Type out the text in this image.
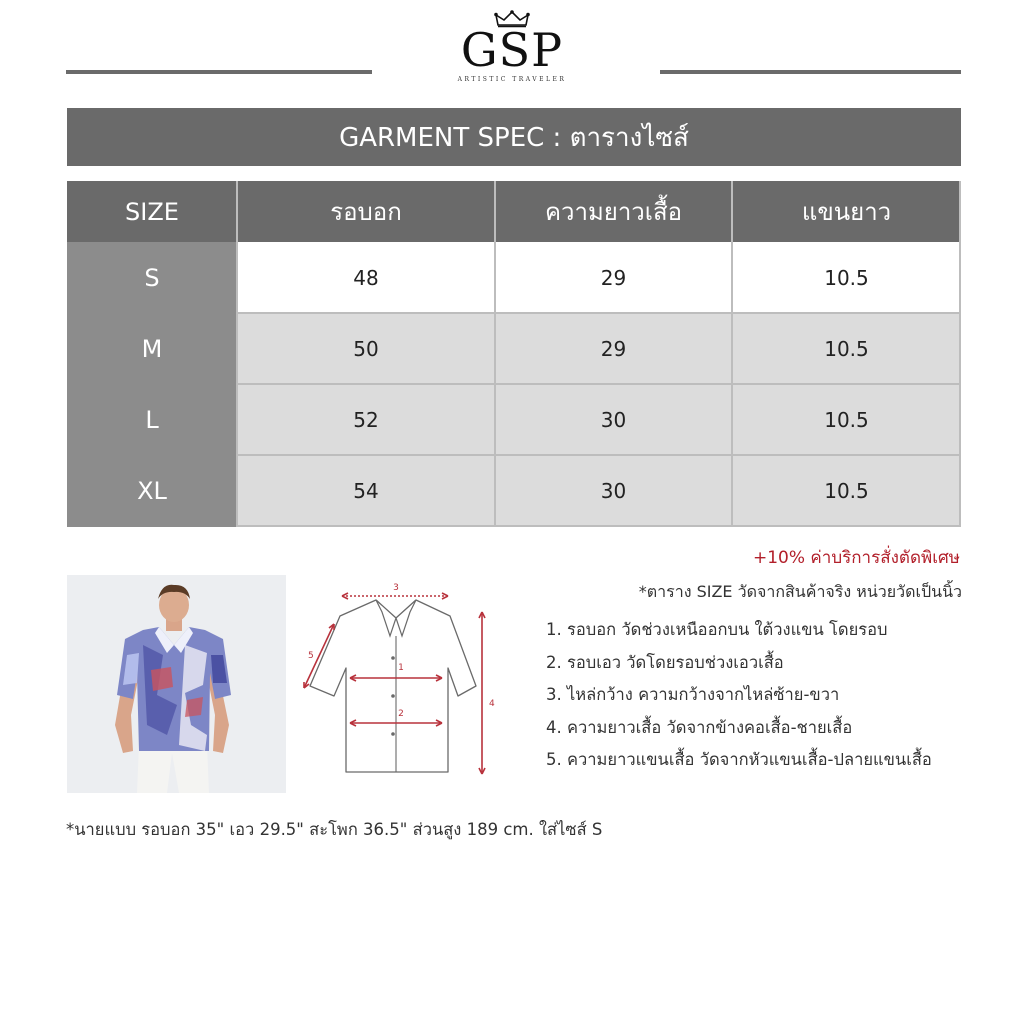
GSP
ARTISTIC TRAVELER
GARMENT SPEC : ตารางไซส์
SIZE	รอบอก	ความยาวเสื้อ	แขนยาว
S	48	29	10.5
M	50	29	10.5
L	52	30	10.5
XL	54	30	10.5
+10% ค่าบริการสั่งตัดพิเศษ
*ตาราง SIZE วัดจากสินค้าจริง หน่วยวัดเป็นนิ้ว
1. รอบอก วัดช่วงเหนืออกบน ใต้วงแขน โดยรอบ
2. รอบเอว วัดโดยรอบช่วงเอวเสื้อ
3. ไหล่กว้าง ความกว้างจากไหล่ซ้าย-ขวา
4. ความยาวเสื้อ วัดจากข้างคอเสื้อ-ชายเสื้อ
5. ความยาวแขนเสื้อ วัดจากหัวแขนเสื้อ-ปลายแขนเสื้อ
3
1
2
4
5
*นายแบบ รอบอก 35" เอว 29.5" สะโพก 36.5" ส่วนสูง 189 cm. ใส่ไซส์ S
